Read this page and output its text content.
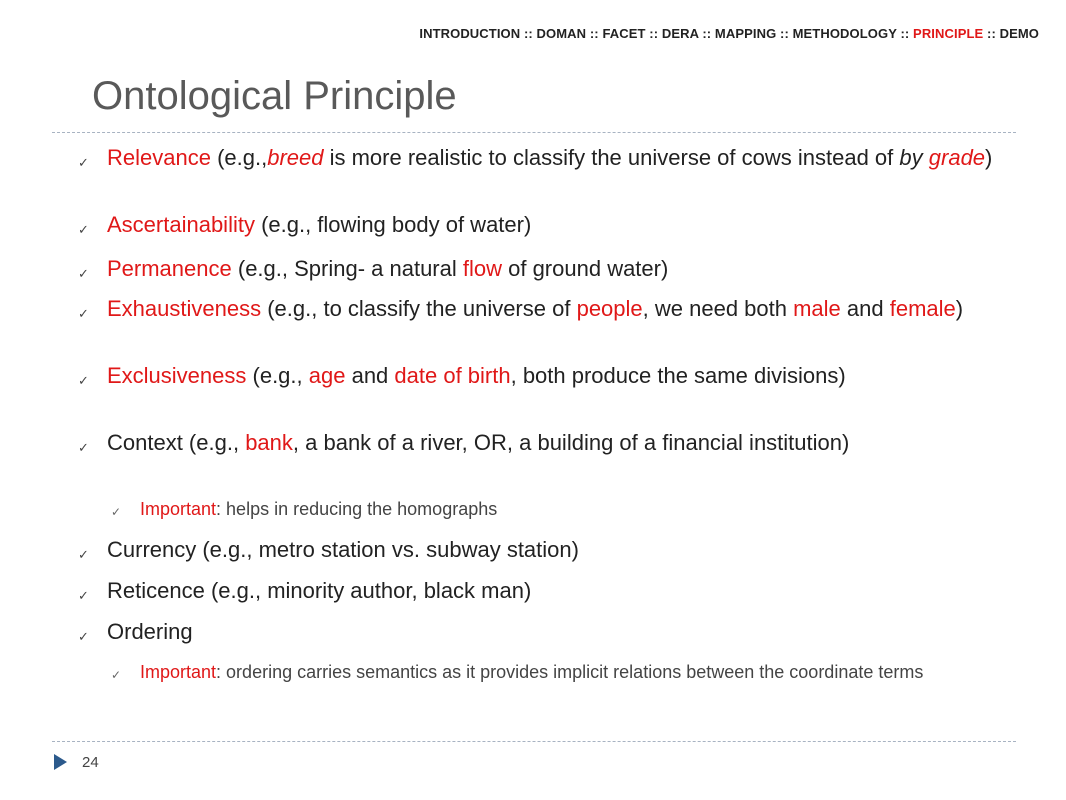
INTRODUCTION :: DOMAN :: FACET :: DERA :: MAPPING :: METHODOLOGY :: PRINCIPLE :: DEMO
Ontological Principle
✓ Relevance (e.g.,breed is more realistic to classify the universe of cows instead of by grade)
✓ Ascertainability (e.g., flowing body of water)
✓ Permanence (e.g., Spring- a natural flow of ground water)
✓ Exhaustiveness (e.g., to classify the universe of people, we need both male and female)
✓ Exclusiveness (e.g., age and date of birth, both produce the same divisions)
✓ Context (e.g., bank, a bank of a river, OR, a building of a financial institution)
✓ Important: helps in reducing the homographs
✓ Currency (e.g., metro station vs. subway station)
✓ Reticence (e.g., minority author, black man)
✓ Ordering
✓ Important: ordering carries semantics as it provides implicit relations between the coordinate terms
24
